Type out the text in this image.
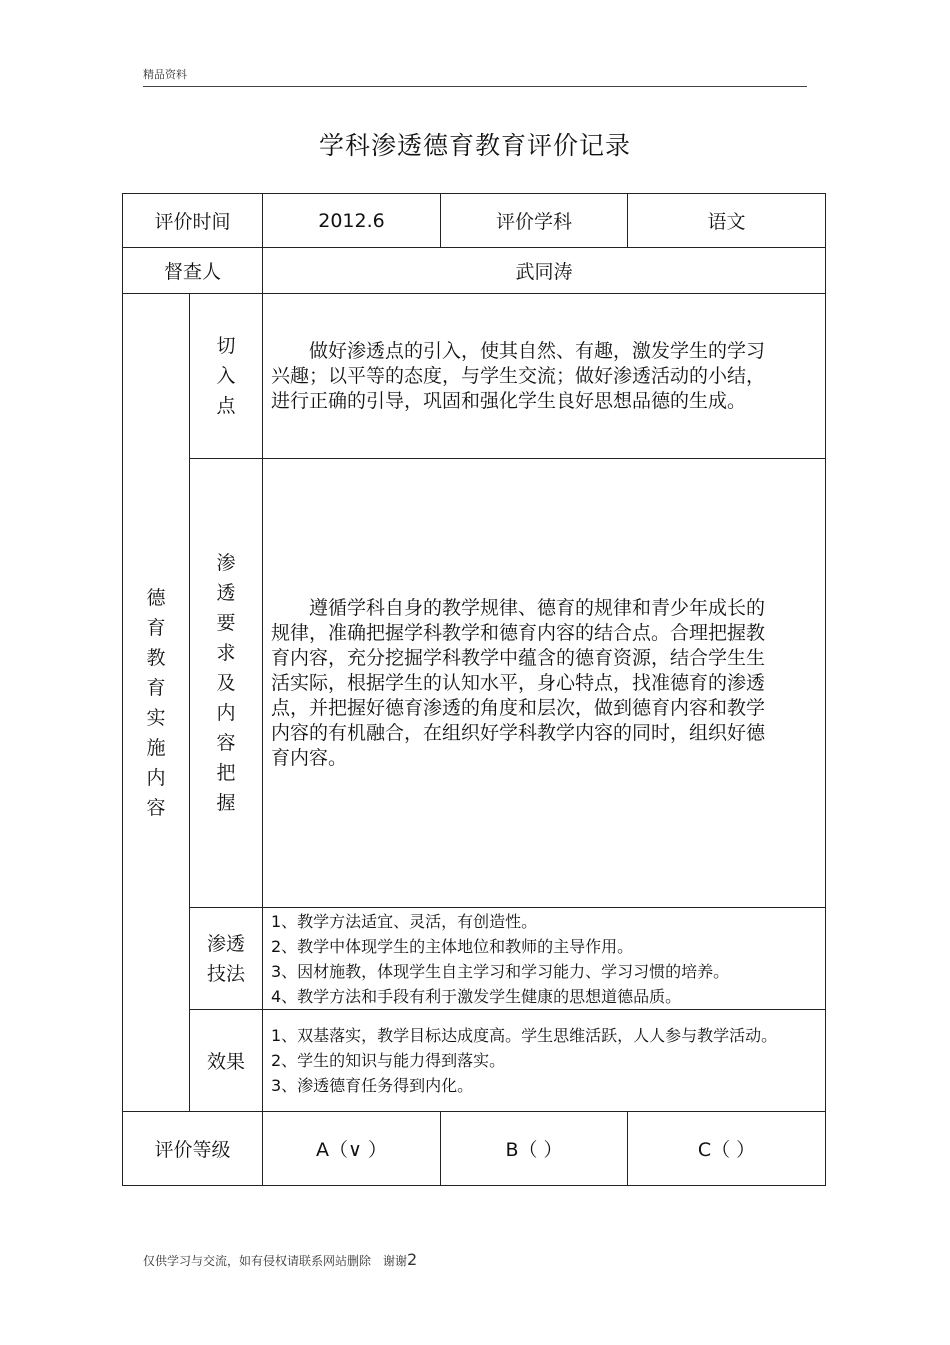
精品资料
学科渗透德育教育评价记录
评价时间		2012.6	评价学科	语文
督查人		武同涛		

德育教育实施内容	切入点	做好渗透点的引入，使其自然、有趣，激发学生的学习兴趣；以平等的态度，与学生交流；做好渗透活动的小结，进行正确的引导，巩固和强化学生良好思想品德的生成。		

	渗透要求及内容把握	遵循学科自身的教学规律、德育的规律和青少年成长的规律，准确把握学科教学和德育内容的结合点。合理把握教育内容，充分挖掘学科教学中蕴含的德育资源，结合学生生活实际，根据学生的认知水平，身心特点，找准德育的渗透点，并把握好德育渗透的角度和层次，做到德育内容和教学内容的有机融合，在组织好学科教学内容的同时，组织好德育内容。		

	渗透技法	1、教学方法适宜、灵活，有创造性。
2、教学中体现学生的主体地位和教师的主导作用。
3、因材施教，体现学生自主学习和学习能力、学习习惯的培养。
4、教学方法和手段有利于激发学生健康的思想道德品质。		

	效果	1、双基落实，教学目标达成度高。学生思维活跃，人人参与教学活动。
2、学生的知识与能力得到落实。
3、渗透德育任务得到内化。		

评价等级		A（∨ ）	B（ ）	C（ ）
仅供学习与交流，如有侵权请联系网站删除　谢谢2
